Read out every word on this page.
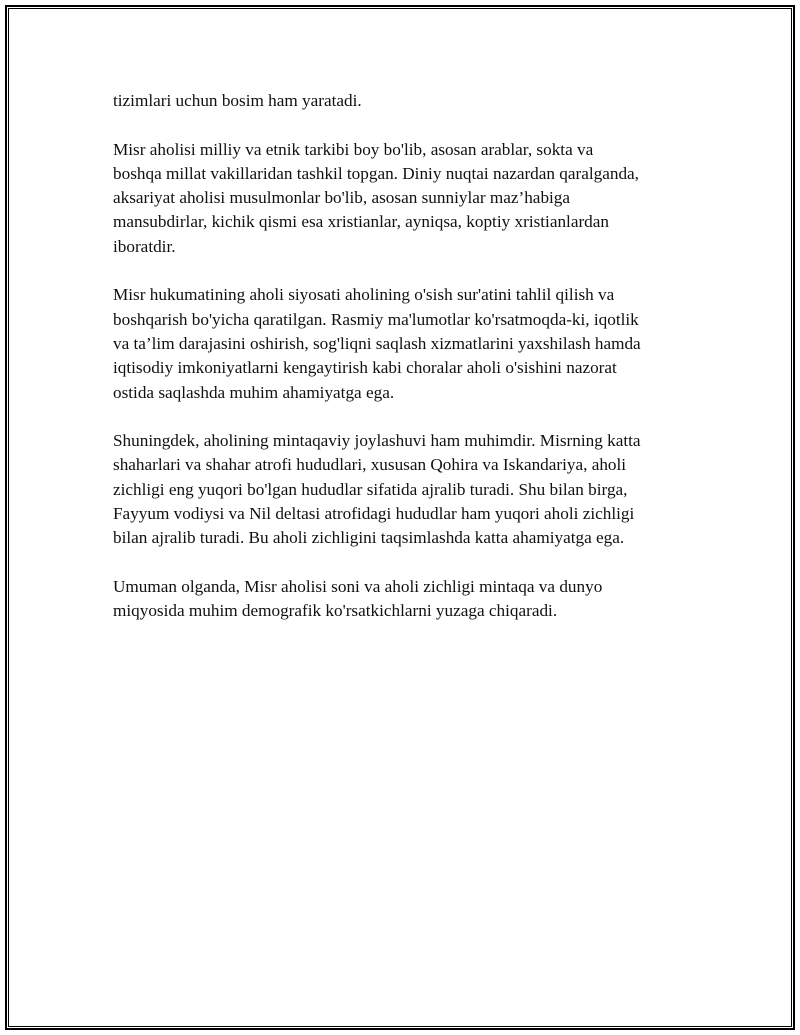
tizimlari uchun bosim ham yaratadi.

Misr aholisi milliy va etnik tarkibi boy bo'lib, asosan arablar, sokta va
boshqa millat vakillaridan tashkil topgan. Diniy nuqtai nazardan qaralganda,
aksariyat aholisi musulmonlar bo'lib, asosan sunniylar maz’habiga
mansubdirlar, kichik qismi esa xristianlar, ayniqsa, koptiy xristianlardan
iboratdir.

Misr hukumatining aholi siyosati aholining o'sish sur'atini tahlil qilish va
boshqarish bo'yicha qaratilgan. Rasmiy ma'lumotlar ko'rsatmoqda-ki, iqotlik
va ta’lim darajasini oshirish, sog'liqni saqlash xizmatlarini yaxshilash hamda
iqtisodiy imkoniyatlarni kengaytirish kabi choralar aholi o'sishini nazorat
ostida saqlashda muhim ahamiyatga ega.

Shuningdek, aholining mintaqaviy joylashuvi ham muhimdir. Misrning katta
shaharlari va shahar atrofi hududlari, xususan Qohira va Iskandariya, aholi
zichligi eng yuqori bo'lgan hududlar sifatida ajralib turadi. Shu bilan birga,
Fayyum vodiysi va Nil deltasi atrofidagi hududlar ham yuqori aholi zichligi
bilan ajralib turadi. Bu aholi zichligini taqsimlashda katta ahamiyatga ega.

Umuman olganda, Misr aholisi soni va aholi zichligi mintaqa va dunyo
miqyosida muhim demografik ko'rsatkichlarni yuzaga chiqaradi.
